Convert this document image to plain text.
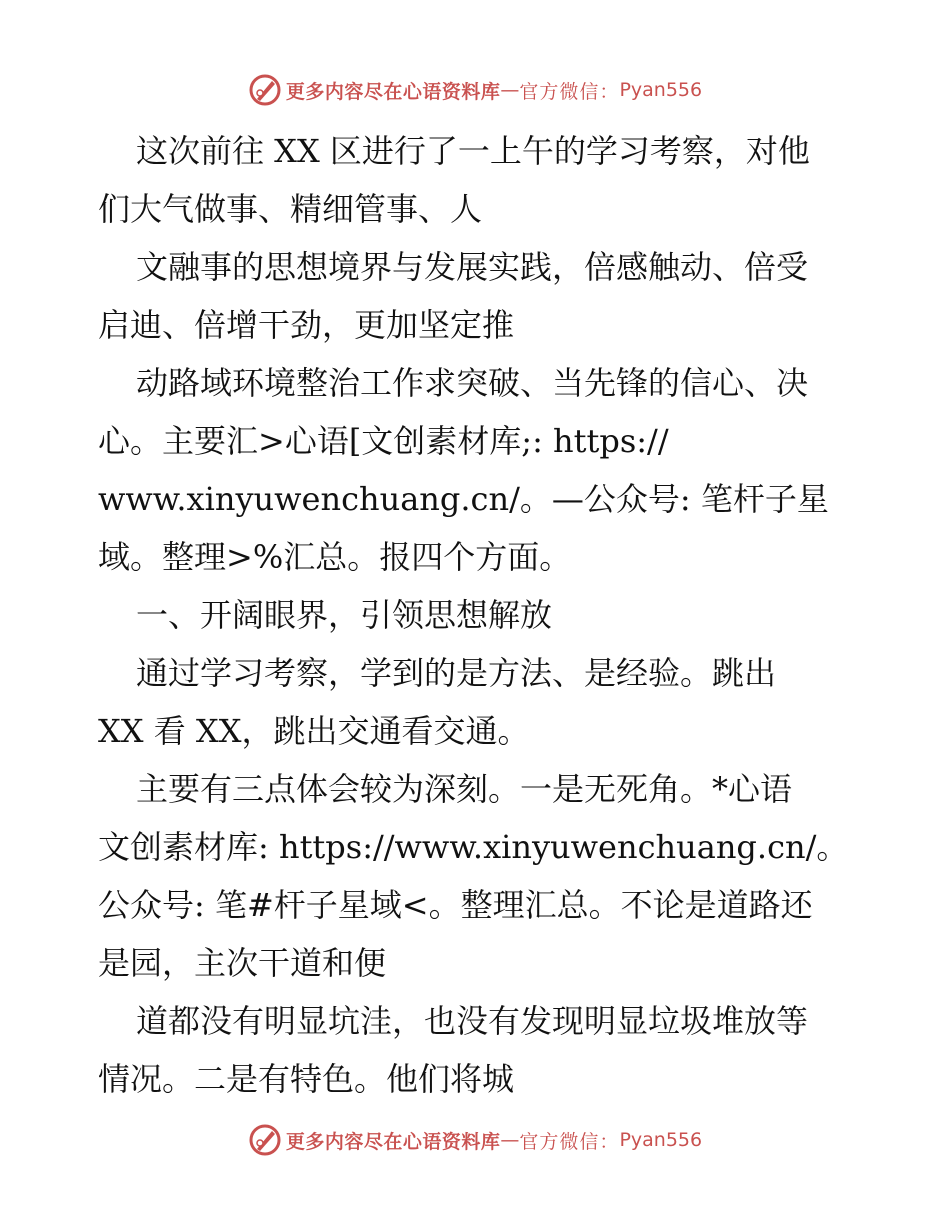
更多内容尽在心语资料库 — 官方微信： Pyan556
这次前往 XX 区进行了一上午的学习考察，对他
们大气做事、精细管事、人
文融事的思想境界与发展实践，倍感触动、倍受
启迪、倍增干劲，更加坚定推
动路域环境整治工作求突破、当先锋的信心、决
心。主要汇>心语[文创素材库;: https://
www.xinyuwenchuang.cn/。—公众号: 笔杆子星
域。整理>%汇总。报四个方面。
一、开阔眼界，引领思想解放
通过学习考察，学到的是方法、是经验。跳出
XX 看 XX，跳出交通看交通。
主要有三点体会较为深刻。一是无死角。*心语
文创素材库: https://www.xinyuwenchuang.cn/。
公众号: 笔#杆子星域<。整理汇总。不论是道路还
是园，主次干道和便
道都没有明显坑洼，也没有发现明显垃圾堆放等
情况。二是有特色。他们将城
更多内容尽在心语资料库 — 官方微信： Pyan556
